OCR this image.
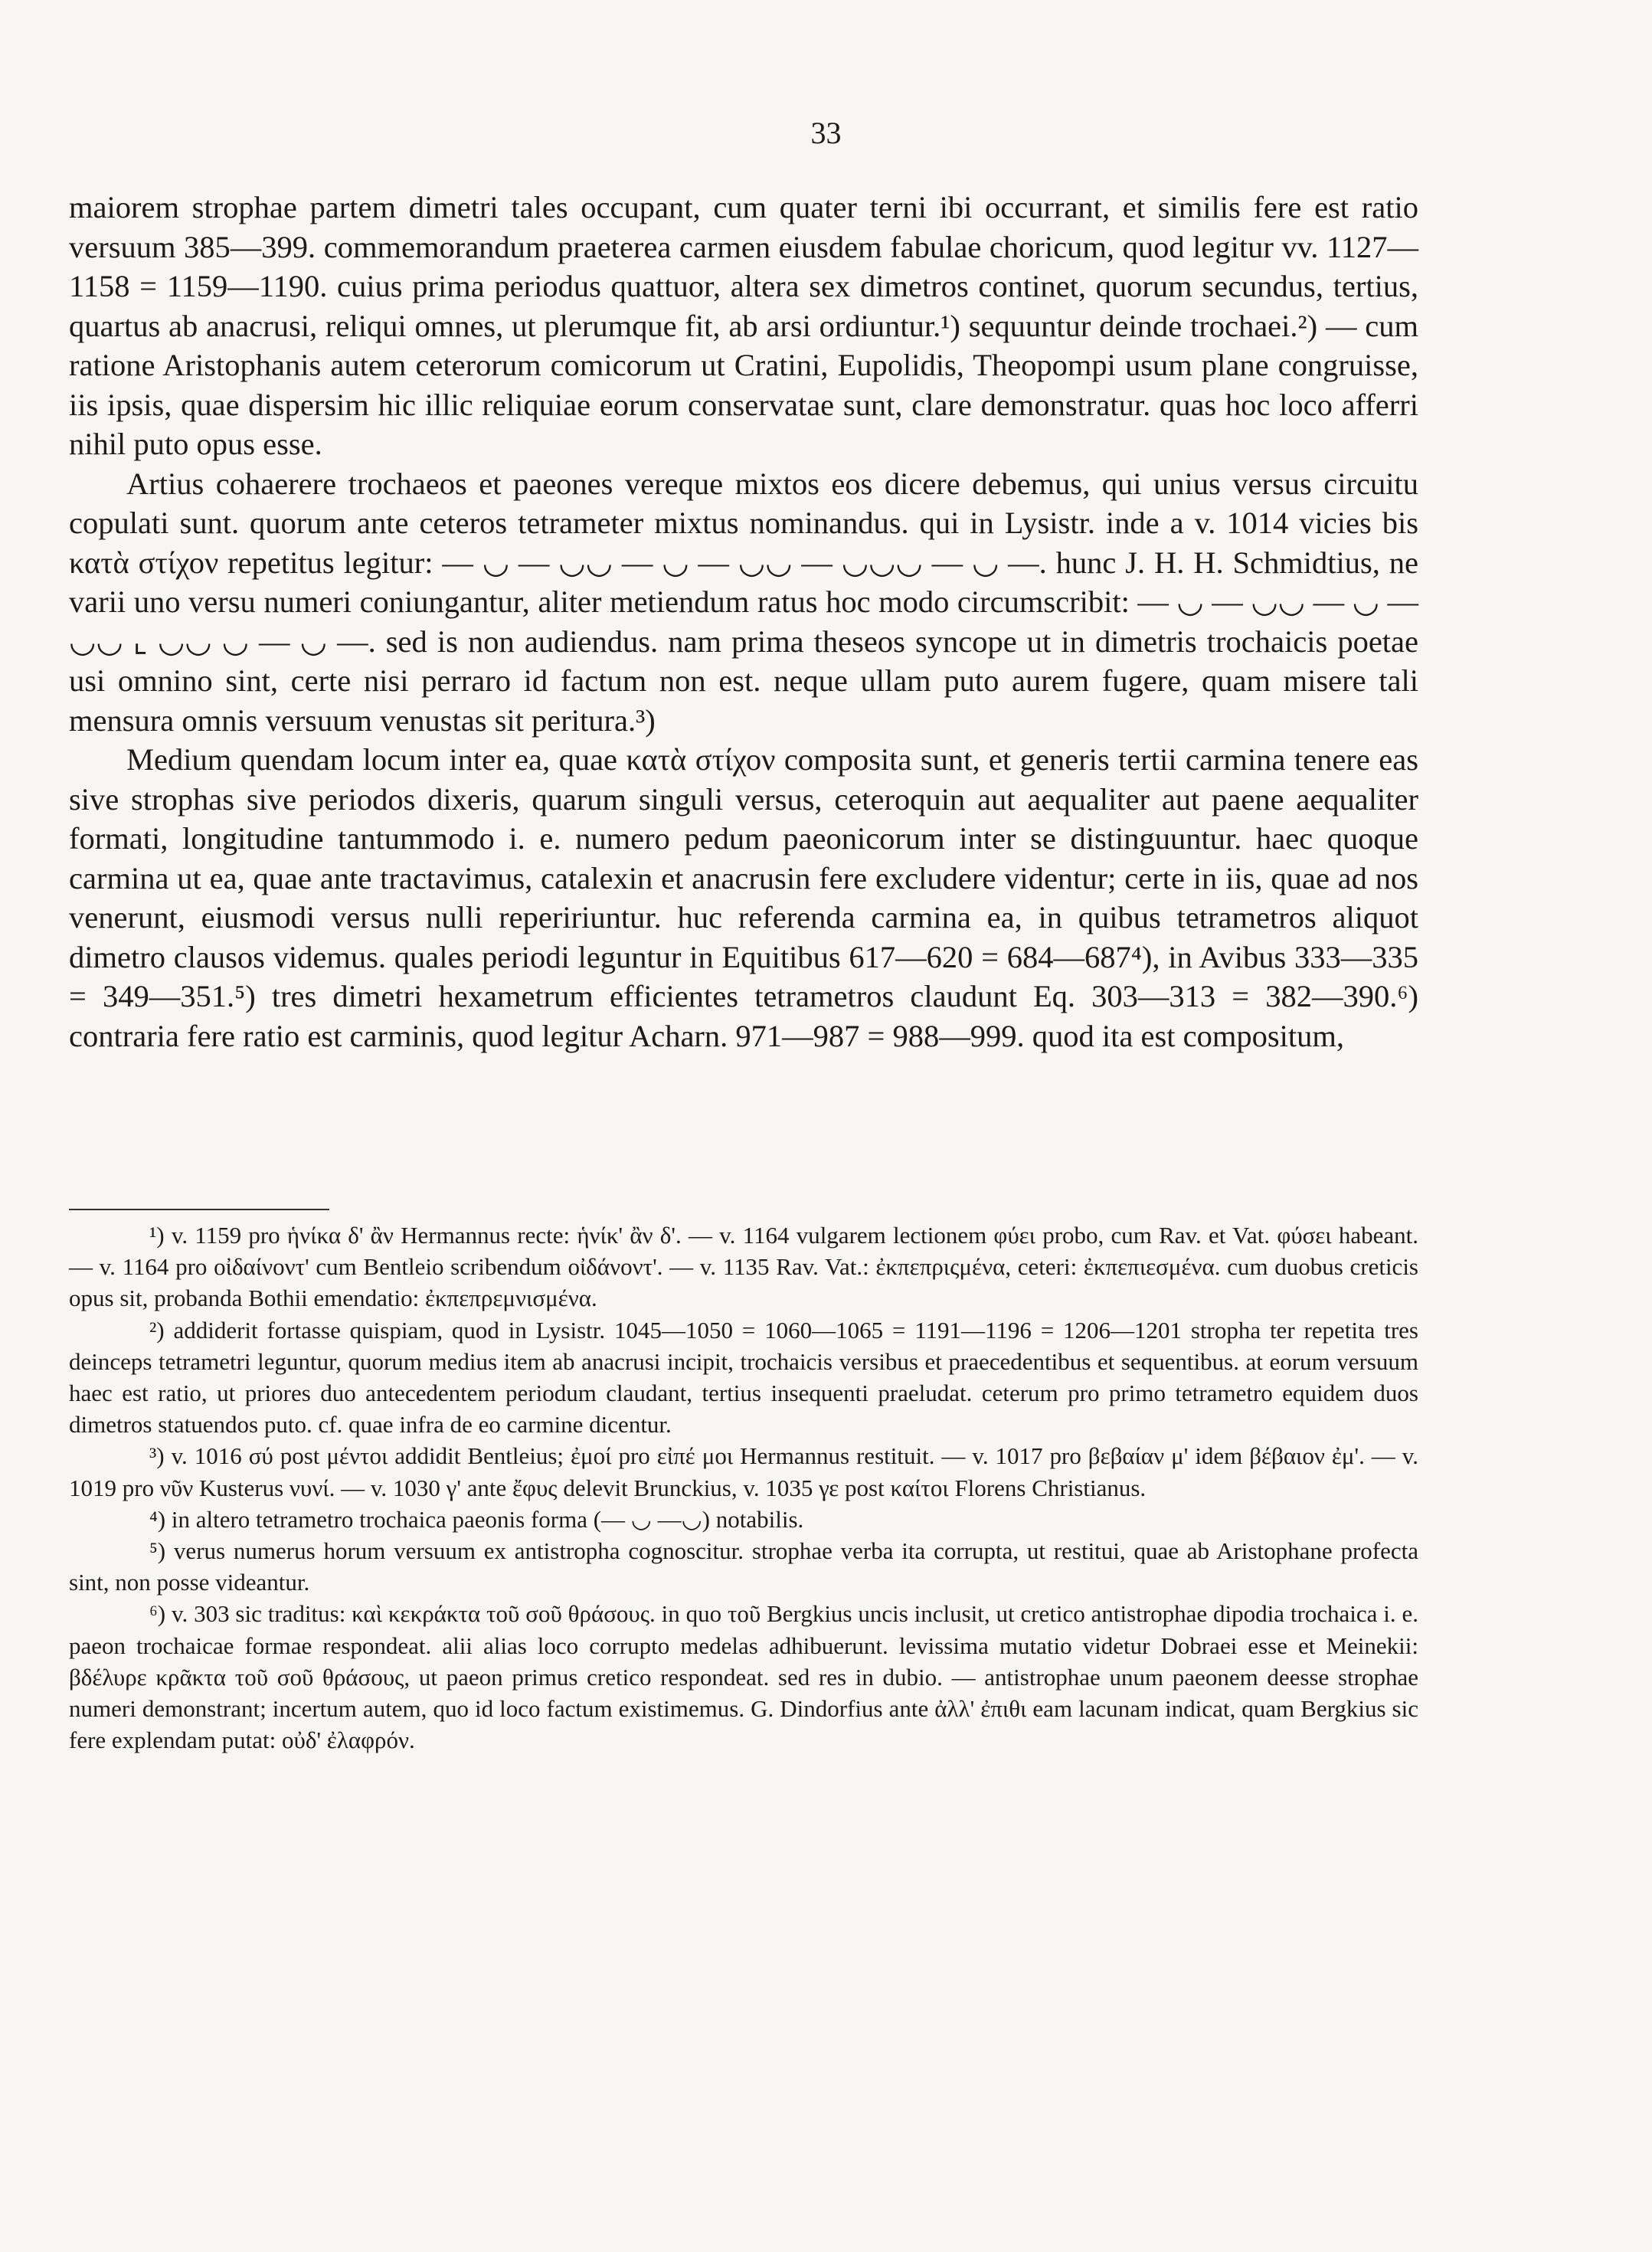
33

maiorem strophae partem dimetri tales occupant, cum quater terni ibi occurrant, et similis fere est ratio versuum 385—399. commemorandum praeterea carmen eiusdem fabulae choricum, quod legitur vv. 1127—1158 = 1159—1190. cuius prima periodus quattuor, altera sex dimetros continet, quorum secundus, tertius, quartus ab anacrusi, reliqui omnes, ut plerumque fit, ab arsi ordiuntur.¹) sequuntur deinde trochaei.²) — cum ratione Aristophanis autem ceterorum comicorum ut Cratini, Eupolidis, Theopompi usum plane congruisse, iis ipsis, quae dispersim hic illic reliquiae eorum conservatae sunt, clare demonstratur. quas hoc loco afferri nihil puto opus esse.

Artius cohaerere trochaeos et paeones vereque mixtos eos dicere debemus, qui unius versus circuitu copulati sunt. quorum ante ceteros tetrameter mixtus nominandus. qui in Lysistr. inde a v. 1014 vicies bis κατὰ στίχον repetitus legitur: — ◡ — ◡◡ — ◡ — ◡◡ — ◡◡◡ — ◡ —. hunc J. H. H. Schmidtius, ne varii uno versu numeri coniungantur, aliter metiendum ratus hoc modo circumscribit: — ◡ — ◡◡ — ◡ — ◡◡ ⌞ ◡◡ ◡ — ◡ —. sed is non audiendus. nam prima theseos syncope ut in dimetris trochaicis poetae usi omnino sint, certe nisi perraro id factum non est. neque ullam puto aurem fugere, quam misere tali mensura omnis versuum venustas sit peritura.³)

Medium quendam locum inter ea, quae κατὰ στίχον composita sunt, et generis tertii carmina tenere eas sive strophas sive periodos dixeris, quarum singuli versus, ceteroquin aut aequaliter aut paene aequaliter formati, longitudine tantummodo i. e. numero pedum paeonicorum inter se distinguuntur. haec quoque carmina ut ea, quae ante tractavimus, catalexin et anacrusin fere excludere videntur; certe in iis, quae ad nos venerunt, eiusmodi versus nulli repeririuntur. huc referenda carmina ea, in quibus tetrametros aliquot dimetro clausos videmus. quales periodi leguntur in Equitibus 617—620 = 684—687⁴), in Avibus 333—335 = 349—351.⁵) tres dimetri hexametrum efficientes tetrametros claudunt Eq. 303—313 = 382—390.⁶) contraria fere ratio est carminis, quod legitur Acharn. 971—987 = 988—999. quod ita est compositum,

¹) v. 1159 pro ἡνίκα δ' ἂν Hermannus recte: ἡνίκ' ἂν δ'. — v. 1164 vulgarem lectionem φύει probo, cum Rav. et Vat. φύσει habeant. — v. 1164 pro οἰδαίνοντ' cum Bentleio scribendum οἰδάνοντ'. — v. 1135 Rav. Vat.: ἐκπεπριςμένα, ceteri: ἐκπεπιεσμένα. cum duobus creticis opus sit, probanda Bothii emendatio: ἐκπεπρεμνισμένα.

²) addiderit fortasse quispiam, quod in Lysistr. 1045—1050 = 1060—1065 = 1191—1196 = 1206—1201 stropha ter repetita tres deinceps tetrametri leguntur, quorum medius item ab anacrusi incipit, trochaicis versibus et praecedentibus et sequentibus. at eorum versuum haec est ratio, ut priores duo antecedentem periodum claudant, tertius insequenti praeludat. ceterum pro primo tetrametro equidem duos dimetros statuendos puto. cf. quae infra de eo carmine dicentur.

³) v. 1016 σύ post μέντοι addidit Bentleius; ἐμοί pro εἰπέ μοι Hermannus restituit. — v. 1017 pro βεβαίαν μ' idem βέβαιον ἐμ'. — v. 1019 pro νῦν Kusterus νυνί. — v. 1030 γ' ante ἔφυς delevit Brunckius, v. 1035 γε post καίτοι Florens Christianus.

⁴) in altero tetrametro trochaica paeonis forma (— ◡ —◡) notabilis.

⁵) verus numerus horum versuum ex antistropha cognoscitur. strophae verba ita corrupta, ut restitui, quae ab Aristophane profecta sint, non posse videantur.

⁶) v. 303 sic traditus: καὶ κεκράκτα τοῦ σοῦ θράσους. in quo τοῦ Bergkius uncis inclusit, ut cretico antistrophae dipodia trochaica i. e. paeon trochaicae formae respondeat. alii alias loco corrupto medelas adhibuerunt. levissima mutatio videtur Dobraei esse et Meinekii: βδέλυρε κρᾶκτα τοῦ σοῦ θράσους, ut paeon primus cretico respondeat. sed res in dubio. — antistrophae unum paeonem deesse strophae numeri demonstrant; incertum autem, quo id loco factum existimemus. G. Dindorfius ante ἀλλ' ἐπιθι eam lacunam indicat, quam Bergkius sic fere explendam putat: οὐδ' ἐλαφρόν.
